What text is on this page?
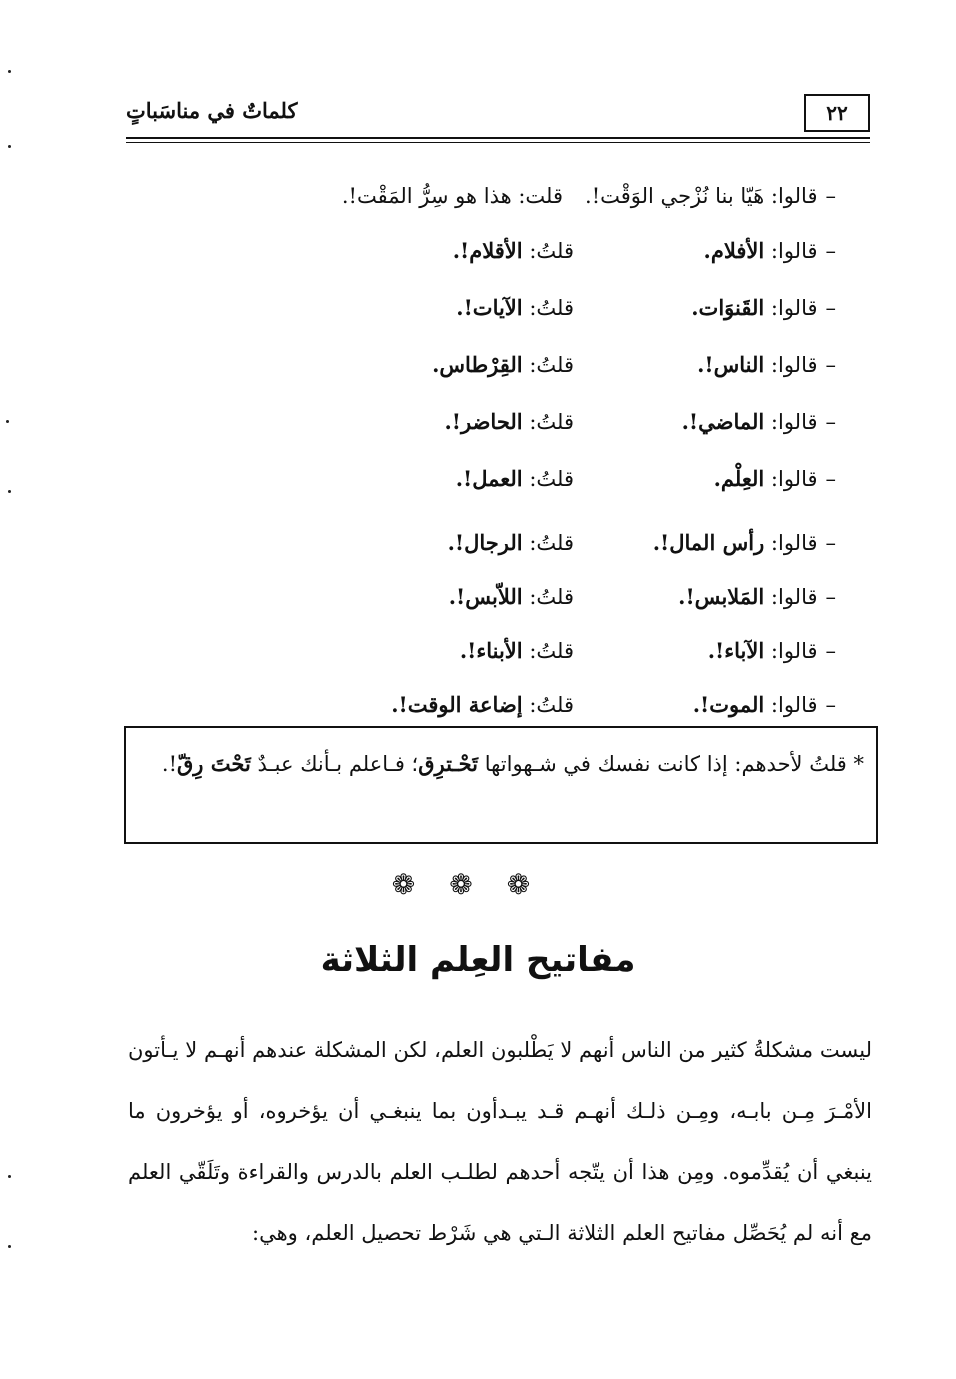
٢٢
كلماتٌ في مناسَباتٍ
–قالوا: هَيّا بنا نُزْجي الوَقْت!.قلت: هذا هو سِرُّ المَقْت!.
–قالوا: الأفلام.
قلتُ: الأقلام!.
–قالوا: القَنوَات.
قلتُ: الآيات!.
–قالوا: الناس!.
قلتُ: القِرْطاس.
–قالوا: الماضي!.
قلتُ: الحاضر!.
–قالوا: العِلْم.
قلتُ: العمل!.
–قالوا: رأس المال!.
قلتُ: الرجال!.
–قالوا: المَلابس!.
قلتُ: اللاّبس!.
–قالوا: الآباء!.
قلتُ: الأبناء!.
–قالوا: الموت!.
قلتُ: إضاعة الوقت!.
* قلتُ لأحدهم: إذا كانت نفسك في شـهواتها تَحْـترِق؛ فـاعلم بـأنك عبـدٌ تَحْتَ رِقّ!.
❁❁❁
مفاتيح العِلم الثلاثة
ليست مشكلةُ كثير من الناس أنهم لا يَطْلبون العلم، لكن المشكلة عندهم أنهـم لا يـأتون الأمْـرَ مِـن بابـه، ومِـن ذلـك أنهـم قـد يبـدأون بما ينبغـي أن يؤخروه، أو يؤخرون ما ينبغي أن يُقدِّموه. ومِن هذا أن يتّجه أحدهم لطلـب العلم بالدرس والقراءة وتَلَقّي العلم مع أنه لم يُحَصِّل مفاتيح العلم الثلاثة الـتي هي شَرْط تحصيل العلم، وهي:
